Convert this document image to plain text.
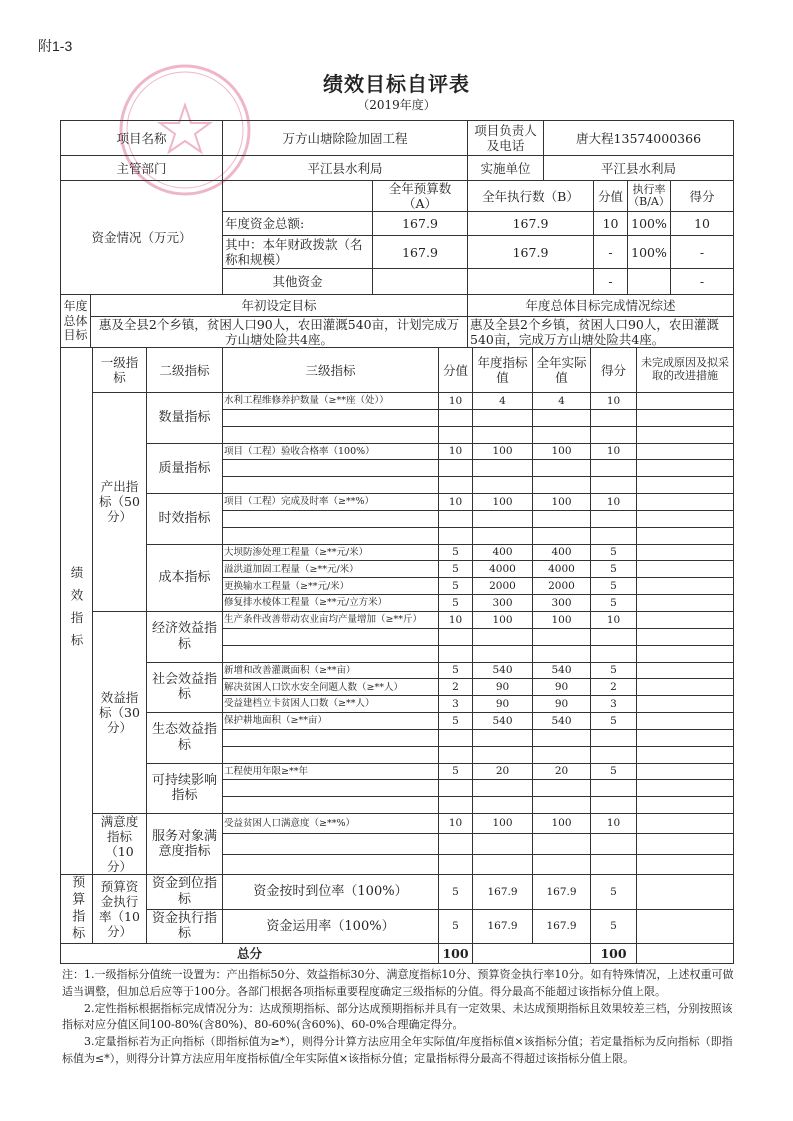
附1-3
绩效目标自评表
（2019年度）
项目名称	万方山塘除险加固工程		项目负责人及电话	唐大程13574000366			
主管部门	平江县水利局		实施单位	平江县水利局			
资金情况（万元）		全年预算数（A）	全年执行数（B）		分值	执行率（B/A）	得分
	年度资金总额:	167.9	167.9		10	100%	10
	其中：本年财政拨款（名称和规模）	167.9	167.9		-	100%	-
	其他资金				-		-
年度总体目标	年初设定目标	年度总体目标完成情况综述
	惠及全县2个乡镇，贫困人口90人，农田灌溉540亩，计划完成万方山塘处险共4座。	惠及全县2个乡镇，贫困人口90人，农田灌溉540亩，完成万方山塘处险共4座。
绩效指标	一级指标	二级指标	三级指标	分值	年度指标值	全年实际值	得分	未完成原因及拟采取的改进措施
	产出指标（50分）	数量指标	水利工程维修养护数量（≥**座（处））	10	4	4	10	

		质量指标	项目（工程）验收合格率（100%）	10	100	100	10	

		时效指标	项目（工程）完成及时率（≥**%）	10	100	100	10	

		成本指标	大坝防渗处理工程量（≥**元/米）	5	400	400	5	
			溢洪道加固工程量（≥**元/米）	5	4000	4000	5	
			更换输水工程量（≥**元/米）	5	2000	2000	5	
			修复排水棱体工程量（≥**元/立方米）	5	300	300	5	
	效益指标（30分）	经济效益指标	生产条件改善带动农业亩均产量增加（≥**斤）	10	100	100	10	

		社会效益指标	新增和改善灌溉面积（≥**亩）	5	540	540	5	
			解决贫困人口饮水安全问题人数（≥**人）	2	90	90	2	
			受益建档立卡贫困人口数（≥**人）	3	90	90	3	
		生态效益指标	保护耕地面积（≥**亩）	5	540	540	5	

		可持续影响指标	工程使用年限≥**年	5	20	20	5	

	满意度指标（10分）	服务对象满意度指标	受益贫困人口满意度（≥**%）	10	100	100	10	

预算指标	预算资金执行率（10分）	资金到位指标	资金按时到位率（100%）	5	167.9	167.9	5	
		资金执行指标	资金运用率（100%）	5	167.9	167.9	5	
总分				100			100	

注：1.一级指标分值统一设置为：产出指标50分、效益指标30分、满意度指标10分、预算资金执行率10分。如有特殊情况，上述权重可做适当调整，但加总后应等于100分。各部门根据各项指标重要程度确定三级指标的分值。得分最高不能超过该指标分值上限。

2.定性指标根据指标完成情况分为：达成预期指标、部分达成预期指标并具有一定效果、未达成预期指标且效果较差三档，分别按照该指标对应分值区间100-80%(含80%)、80-60%(含60%)、60-0%合理确定得分。

3.定量指标若为正向指标（即指标值为≥*），则得分计算方法应用全年实际值/年度指标值×该指标分值；若定量指标为反向指标（即指标值为≤*），则得分计算方法应用年度指标值/全年实际值×该指标分值；定量指标得分最高不得超过该指标分值上限。
